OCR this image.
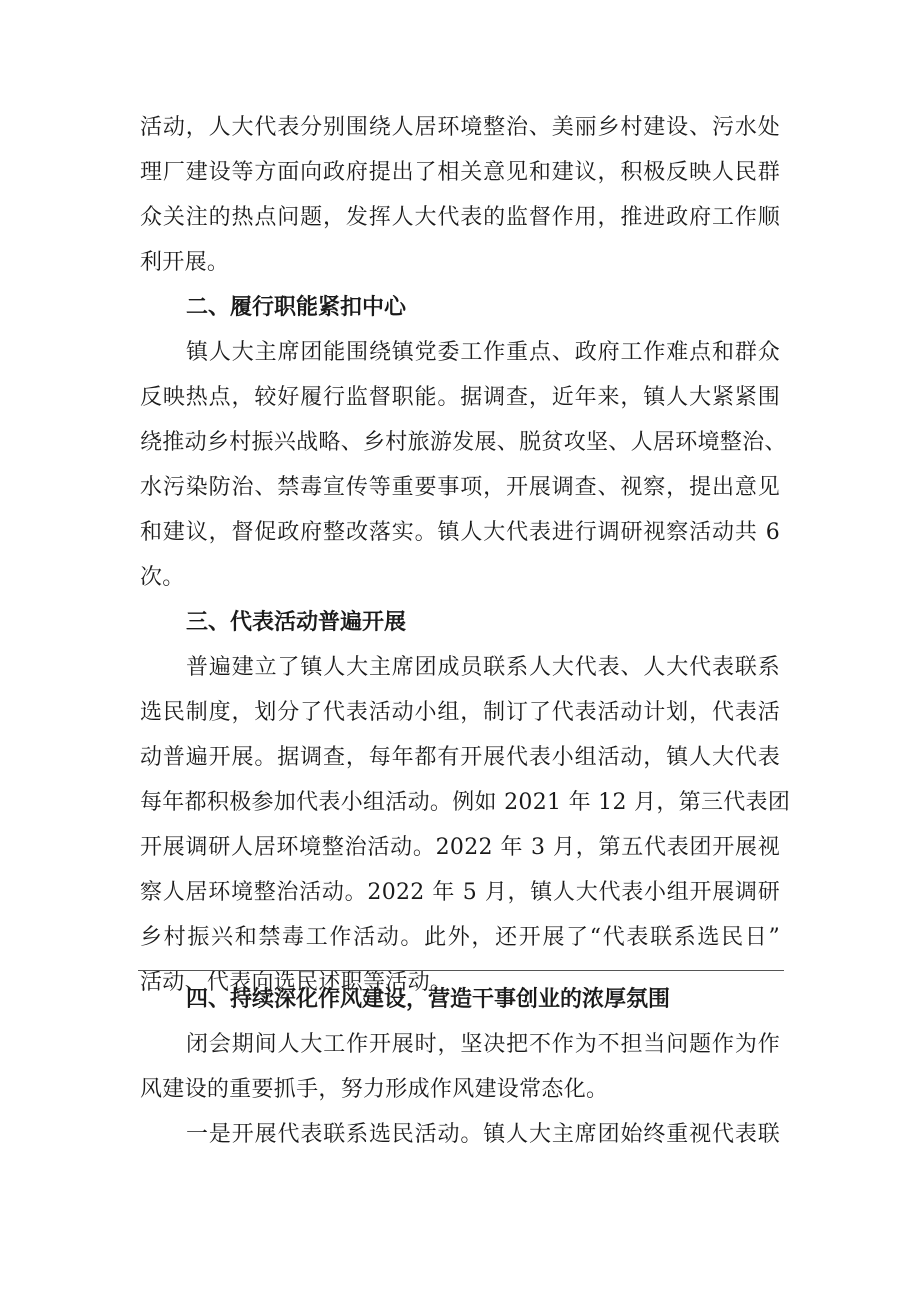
活动，人大代表分别围绕人居环境整治、美丽乡村建设、污水处
理厂建设等方面向政府提出了相关意见和建议，积极反映人民群
众关注的热点问题，发挥人大代表的监督作用，推进政府工作顺
利开展。
二、履行职能紧扣中心
镇人大主席团能围绕镇党委工作重点、政府工作难点和群众
反映热点，较好履行监督职能。据调查，近年来，镇人大紧紧围
绕推动乡村振兴战略、乡村旅游发展、脱贫攻坚、人居环境整治、
水污染防治、禁毒宣传等重要事项，开展调查、视察，提出意见
和建议，督促政府整改落实。镇人大代表进行调研视察活动共 6
次。
三、代表活动普遍开展
普遍建立了镇人大主席团成员联系人大代表、人大代表联系
选民制度，划分了代表活动小组，制订了代表活动计划，代表活
动普遍开展。据调查，每年都有开展代表小组活动，镇人大代表
每年都积极参加代表小组活动。例如 2021 年 12 月，第三代表团
开展调研人居环境整治活动。2022 年 3 月，第五代表团开展视
察人居环境整治活动。2022 年 5 月，镇人大代表小组开展调研
乡村振兴和禁毒工作活动。此外，还开展了“代表联系选民日”
活动、代表向选民述职等活动。
四、持续深化作风建设，营造干事创业的浓厚氛围
闭会期间人大工作开展时，坚决把不作为不担当问题作为作
风建设的重要抓手，努力形成作风建设常态化。
一是开展代表联系选民活动。镇人大主席团始终重视代表联
